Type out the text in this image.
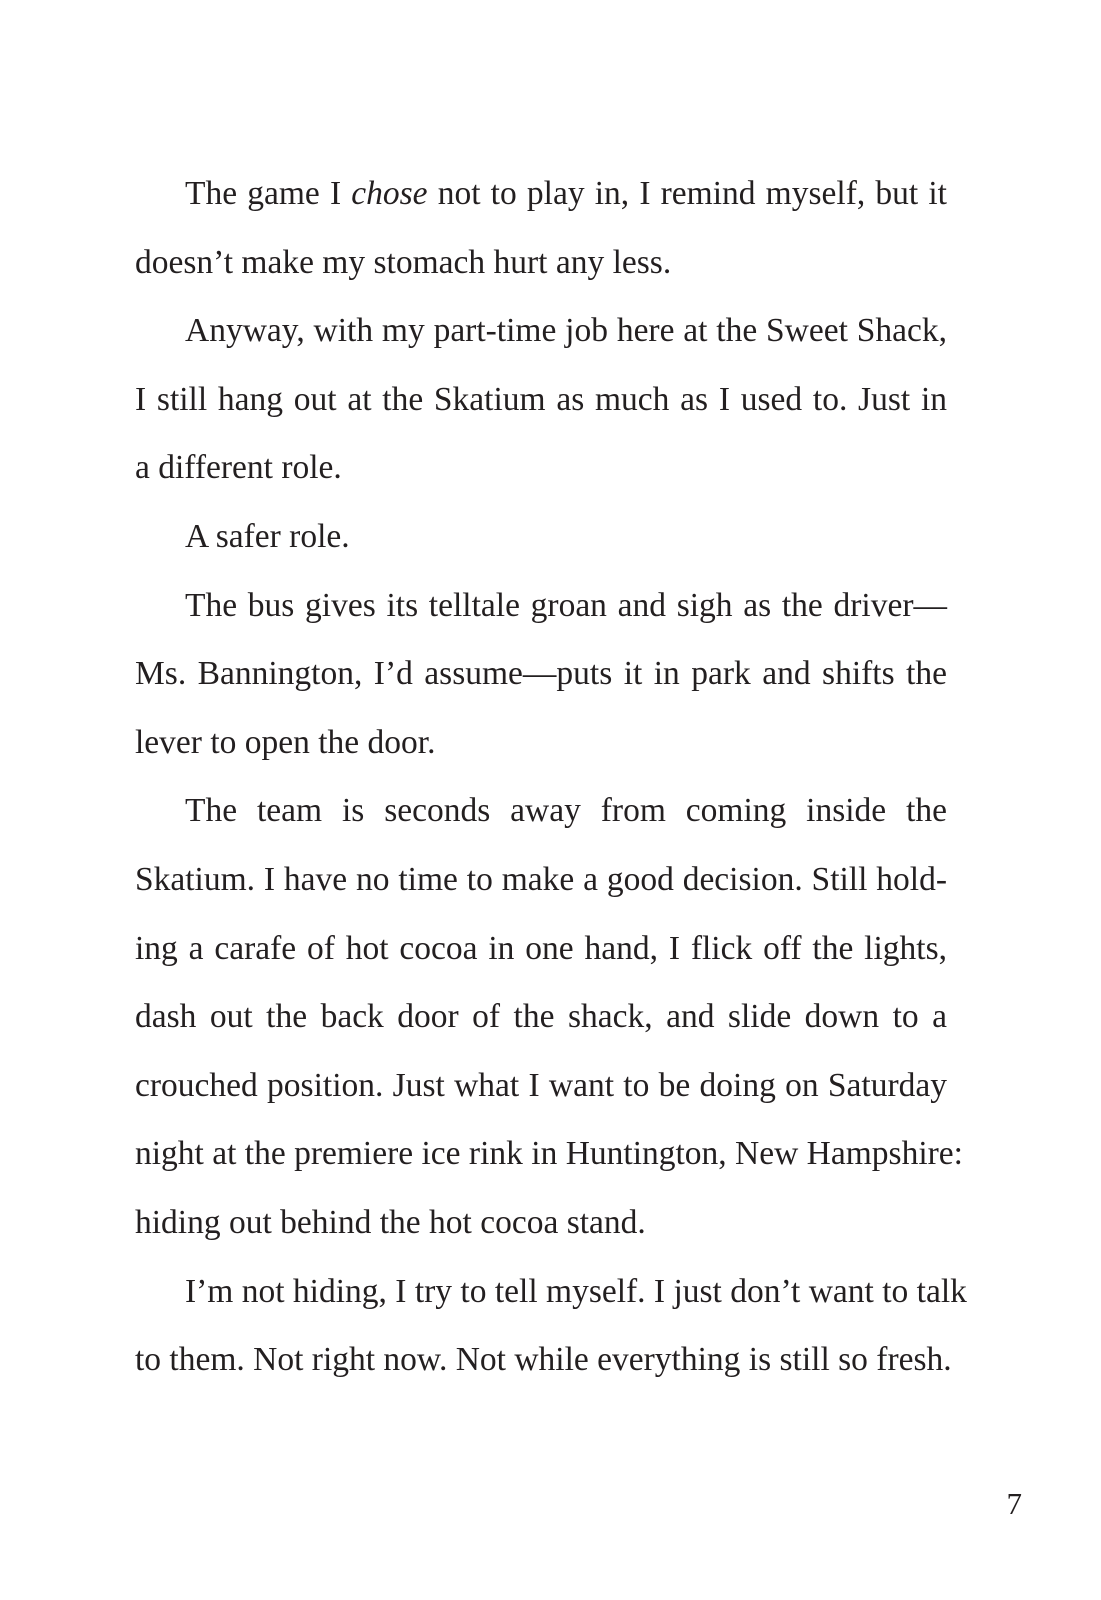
The game I chose not to play in, I remind myself, but it
doesn’t make my stomach hurt any less.
Anyway, with my part-time job here at the Sweet Shack,
I still hang out at the Skatium as much as I used to. Just in
a different role.
A safer role.
The bus gives its telltale groan and sigh as the driver—
Ms. Bannington, I’d assume—puts it in park and shifts the
lever to open the door.
The team is seconds away from coming inside the
Skatium. I have no time to make a good decision. Still hold-
ing a carafe of hot cocoa in one hand, I flick off the lights,
dash out the back door of the shack, and slide down to a
crouched position. Just what I want to be doing on Saturday
night at the premiere ice rink in Huntington, New Hampshire:
hiding out behind the hot cocoa stand.
I’m not hiding, I try to tell myself. I just don’t want to talk
to them. Not right now. Not while everything is still so fresh.
7
